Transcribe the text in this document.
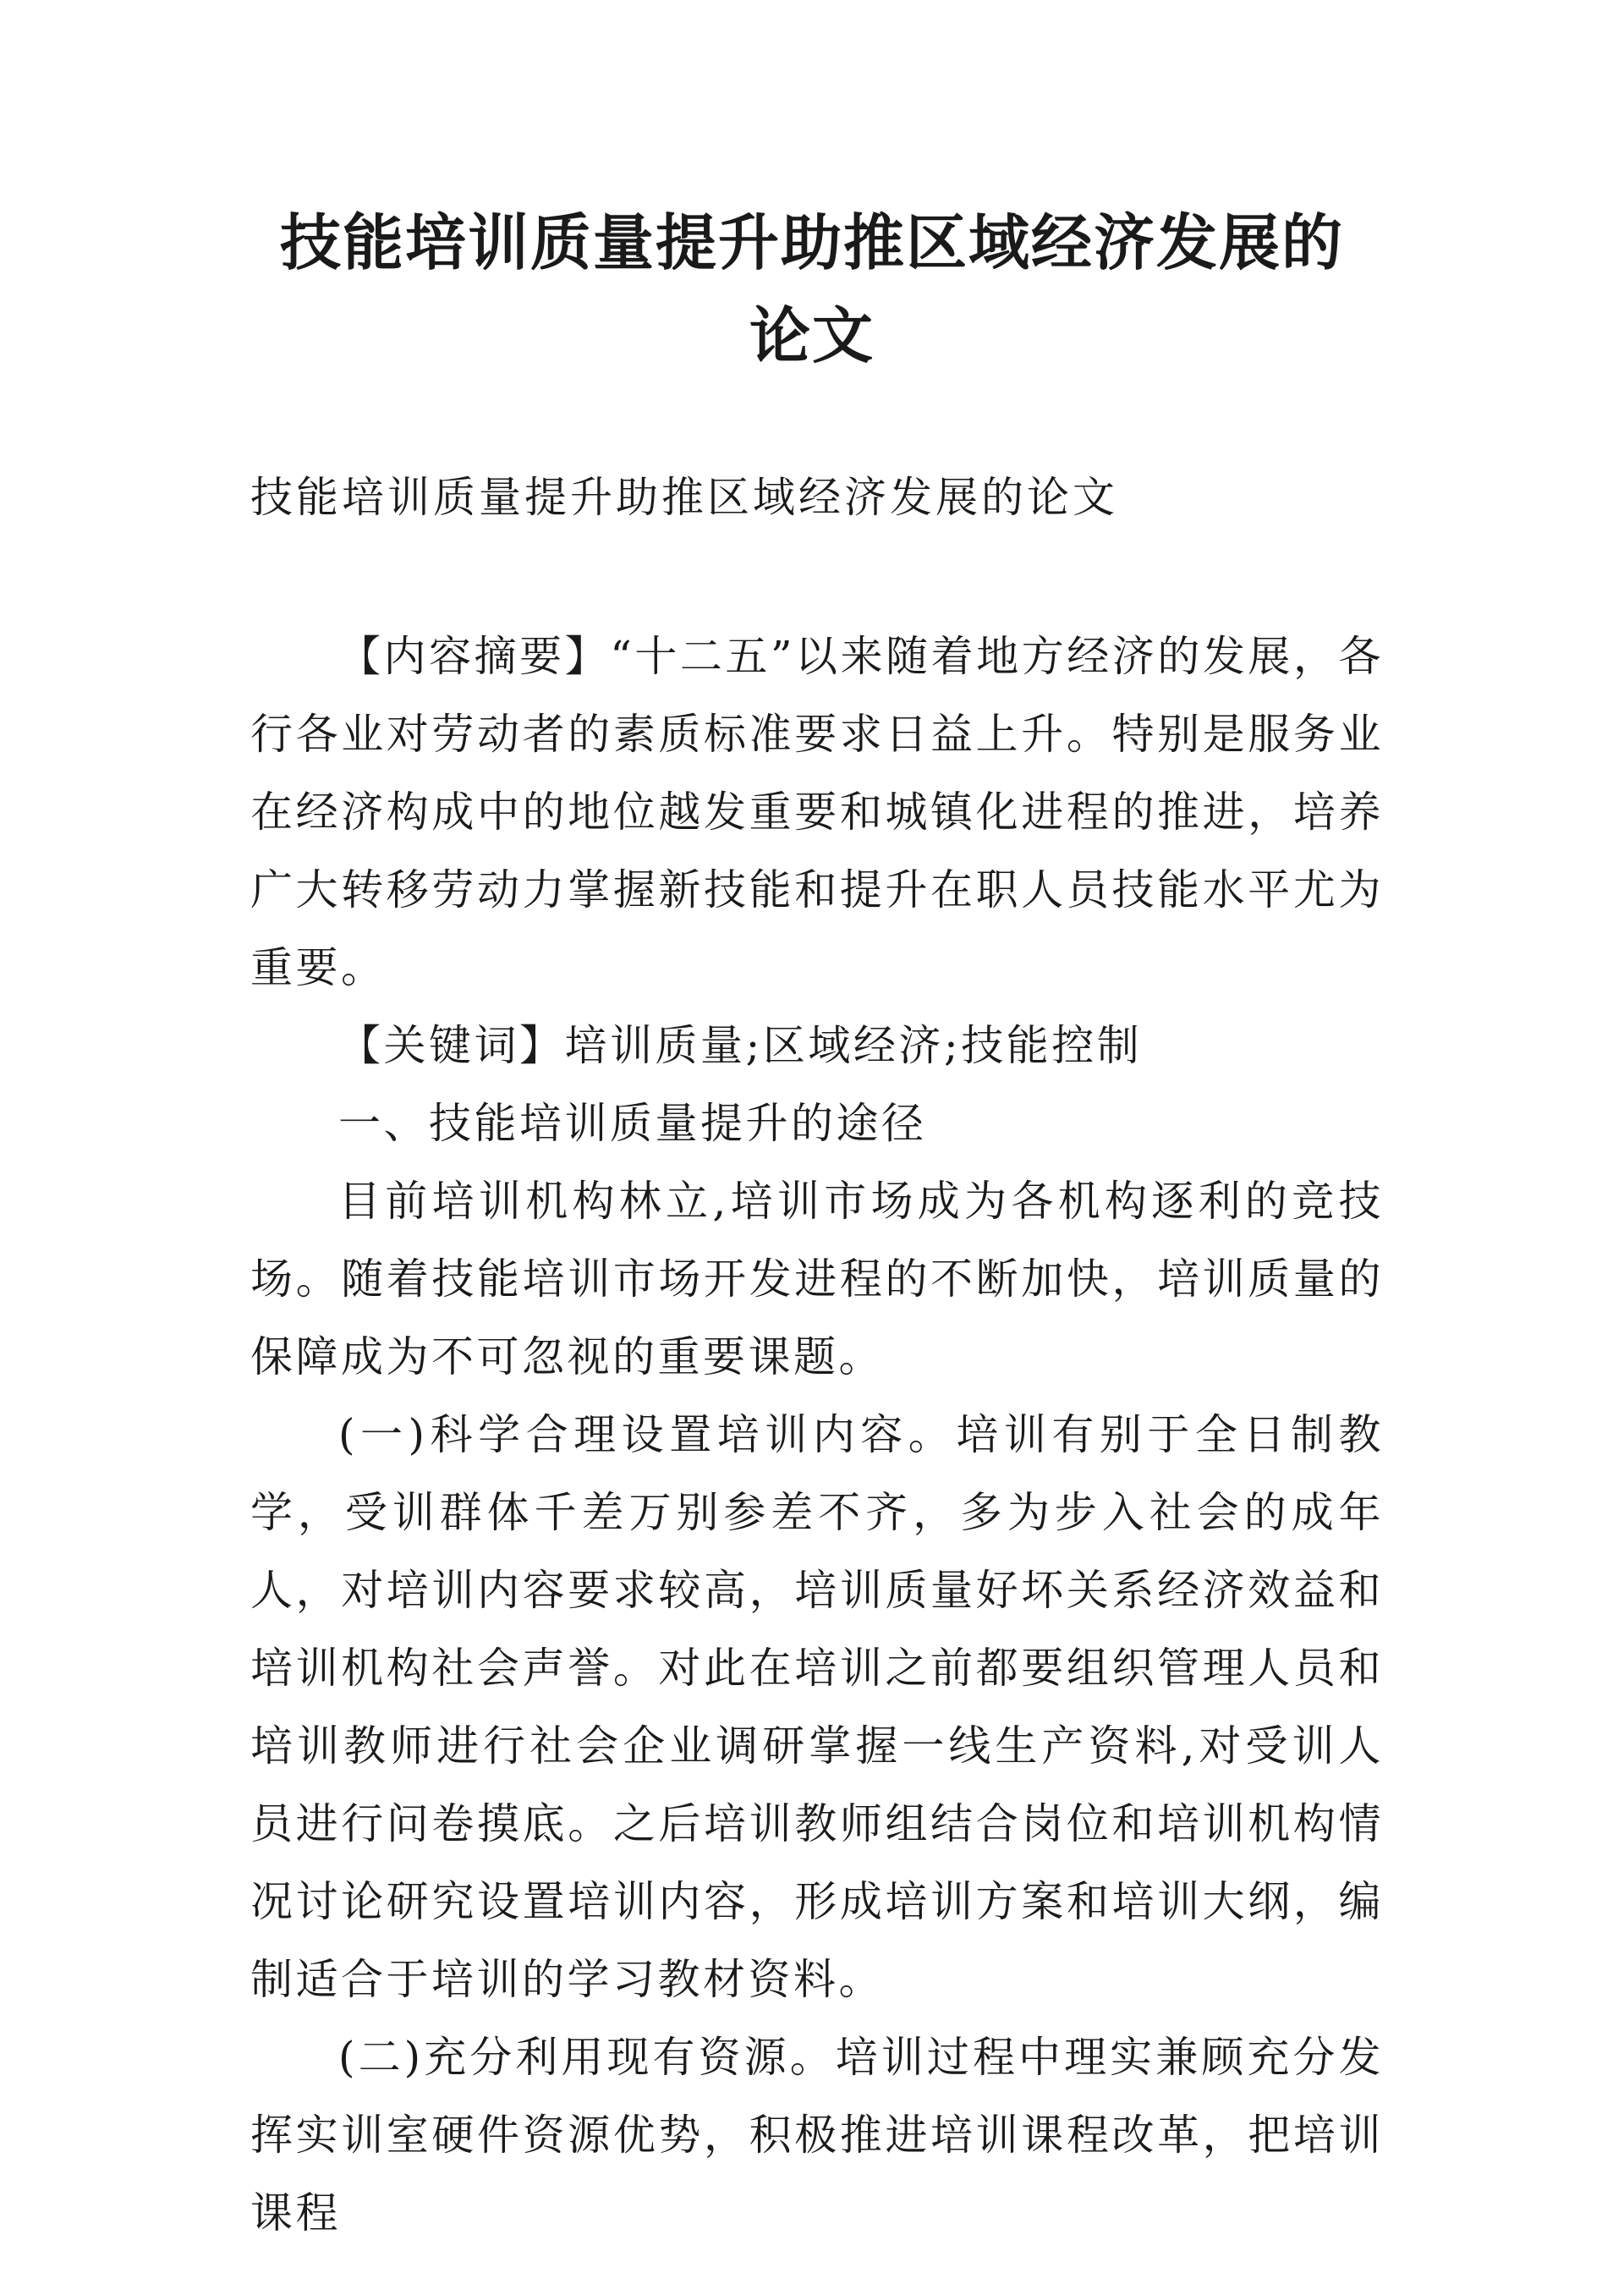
技能培训质量提升助推区域经济发展的论文

技能培训质量提升助推区域经济发展的论文

【内容摘要】“十二五”以来随着地方经济的发展，各行各业对劳动者的素质标准要求日益上升。特别是服务业在经济构成中的地位越发重要和城镇化进程的推进，培养广大转移劳动力掌握新技能和提升在职人员技能水平尤为重要。

【关键词】培训质量;区域经济;技能控制

一、技能培训质量提升的途径

目前培训机构林立,培训市场成为各机构逐利的竞技场。随着技能培训市场开发进程的不断加快，培训质量的保障成为不可忽视的重要课题。

(一)科学合理设置培训内容。培训有别于全日制教学，受训群体千差万别参差不齐，多为步入社会的成年人，对培训内容要求较高，培训质量好坏关系经济效益和培训机构社会声誉。对此在培训之前都要组织管理人员和培训教师进行社会企业调研掌握一线生产资料,对受训人员进行问卷摸底。之后培训教师组结合岗位和培训机构情况讨论研究设置培训内容，形成培训方案和培训大纲，编制适合于培训的学习教材资料。

(二)充分利用现有资源。培训过程中理实兼顾充分发挥实训室硬件资源优势，积极推进培训课程改革，把培训课程
